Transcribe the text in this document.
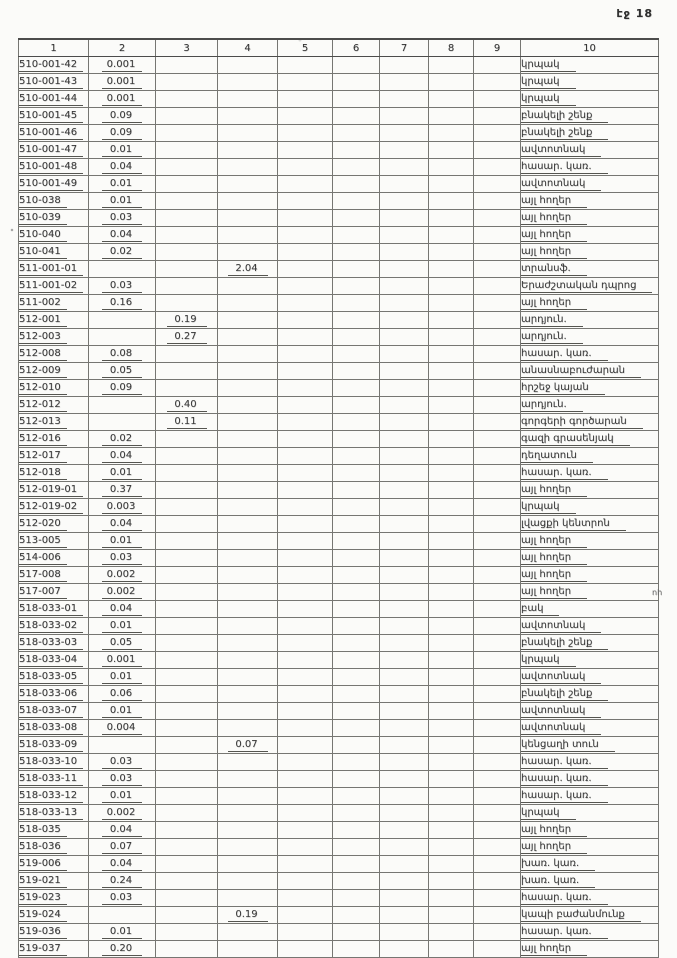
էջ 18
1	2	3	4	5	6	7	8	9	10
510-001-42	0.001								կրպակ
510-001-43	0.001								կրպակ
510-001-44	0.001								կրպակ
510-001-45	0.09								բնակելի շենք
510-001-46	0.09								բնակելի շենք
510-001-47	0.01								ավտոտնակ
510-001-48	0.04								հասար. կառ.
510-001-49	0.01								ավտոտնակ
510-038	0.01								այլ հողեր
510-039	0.03								այլ հողեր
510-040	0.04								այլ հողեր
510-041	0.02								այլ հողեր
511-001-01			2.04						տրանսֆ.
511-001-02	0.03								Երաժշտական դպրոց
511-002	0.16								այլ հողեր
512-001		0.19							արդյուն.
512-003		0.27							արդյուն.
512-008	0.08								հասար. կառ.
512-009	0.05								անասնաբուժարան
512-010	0.09								հրշեջ կայան
512-012		0.40							արդյուն.
512-013		0.11							գորգերի գործարան
512-016	0.02								գազի գրասենյակ
512-017	0.04								դեղատուն
512-018	0.01								հասար. կառ.
512-019-01	0.37								այլ հողեր
512-019-02	0.003								կրպակ
512-020	0.04								լվացքի կենտրոն
513-005	0.01								այլ հողեր
514-006	0.03								այլ հողեր
517-008	0.002								այլ հողեր
517-007	0.002								այլ հողեր
518-033-01	0.04								բակ
518-033-02	0.01								ավտոտնակ
518-033-03	0.05								բնակելի շենք
518-033-04	0.001								կրպակ
518-033-05	0.01								ավտոտնակ
518-033-06	0.06								բնակելի շենք
518-033-07	0.01								ավտոտնակ
518-033-08	0.004								ավտոտնակ
518-033-09			0.07						կենցաղի տուն
518-033-10	0.03								հասար. կառ.
518-033-11	0.03								հասար. կառ.
518-033-12	0.01								հասար. կառ.
518-033-13	0.002								կրպակ
518-035	0.04								այլ հողեր
518-036	0.07								այլ հողեր
519-006	0.04								խառ. կառ.
519-021	0.24								խառ. կառ.
519-023	0.03								հասար. կառ.
519-024			0.19						կապի բաժանմունք
519-036	0.01								հասար. կառ.
519-037	0.20								այլ հողեր
ոհ
